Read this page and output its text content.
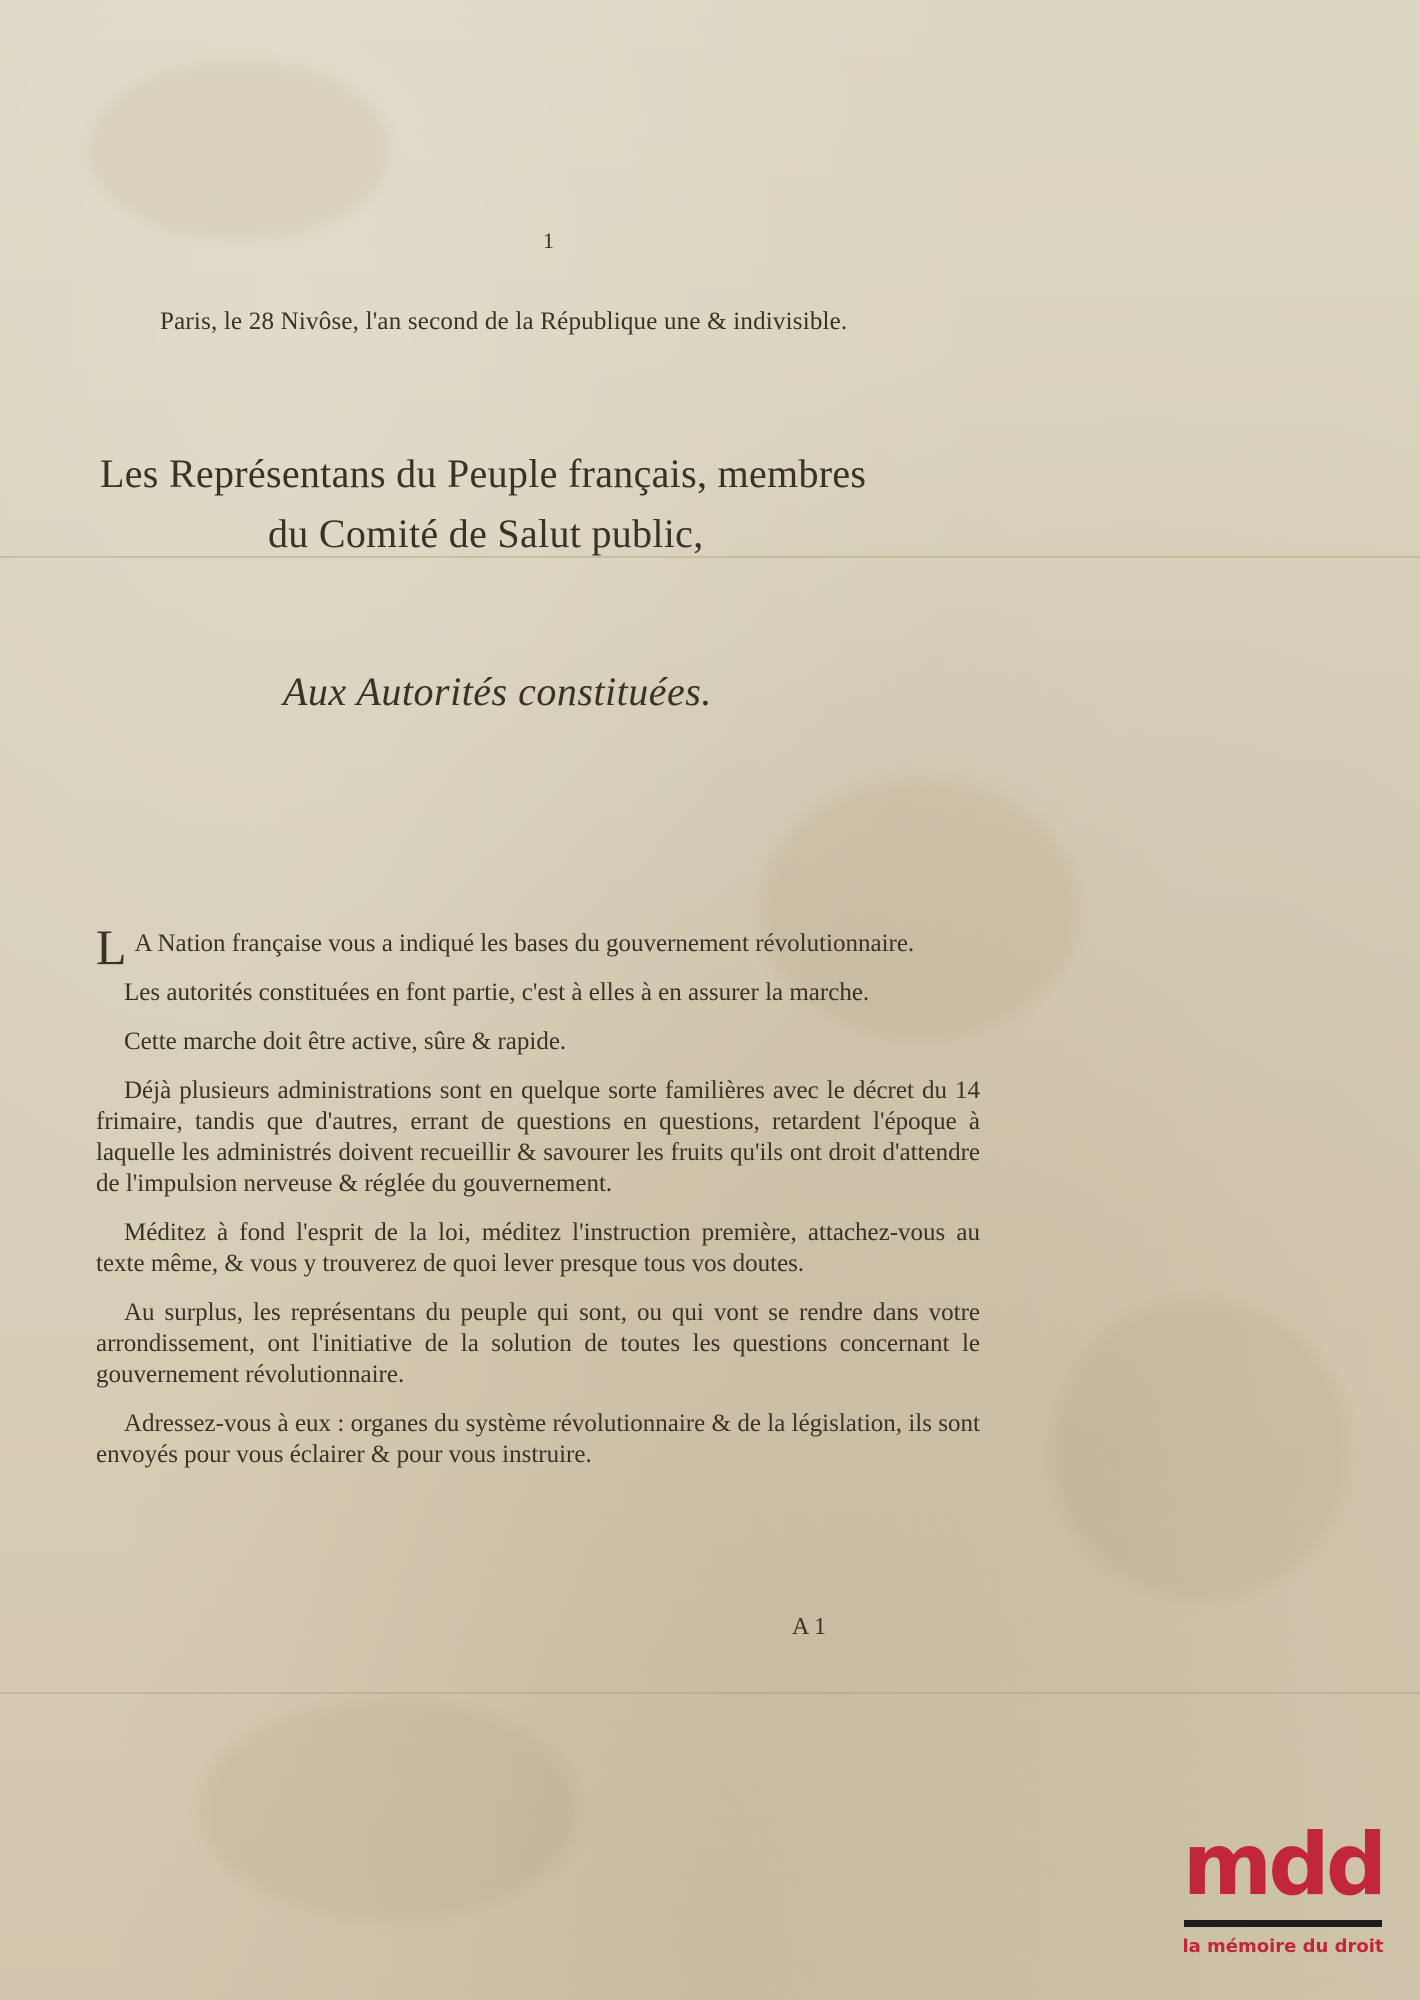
1
Paris, le 28 Nivôse, l'an second de la République une & indivisible.
Les Représentans du Peuple français, membres
du Comité de Salut public,
Aux Autorités constituées.

L A Nation française vous a indiqué les bases du gouvernement révolutionnaire.

Les autorités constituées en font partie, c'est à elles à en assurer la marche.

Cette marche doit être active, sûre & rapide.

Déjà plusieurs administrations sont en quelque sorte familières avec le décret du 14 frimaire, tandis que d'autres, errant de questions en questions, retardent l'époque à laquelle les administrés doivent recueillir & savourer les fruits qu'ils ont droit d'attendre de l'impulsion nerveuse & réglée du gouvernement.

Méditez à fond l'esprit de la loi, méditez l'instruction première, attachez-vous au texte même, & vous y trouverez de quoi lever presque tous vos doutes.

Au surplus, les représentans du peuple qui sont, ou qui vont se rendre dans votre arrondissement, ont l'initiative de la solution de toutes les questions concernant le gouvernement révolutionnaire.

Adressez-vous à eux : organes du système révolutionnaire & de la législation, ils sont envoyés pour vous éclairer & pour vous instruire.

A 1
mdd
la mémoire du droit
